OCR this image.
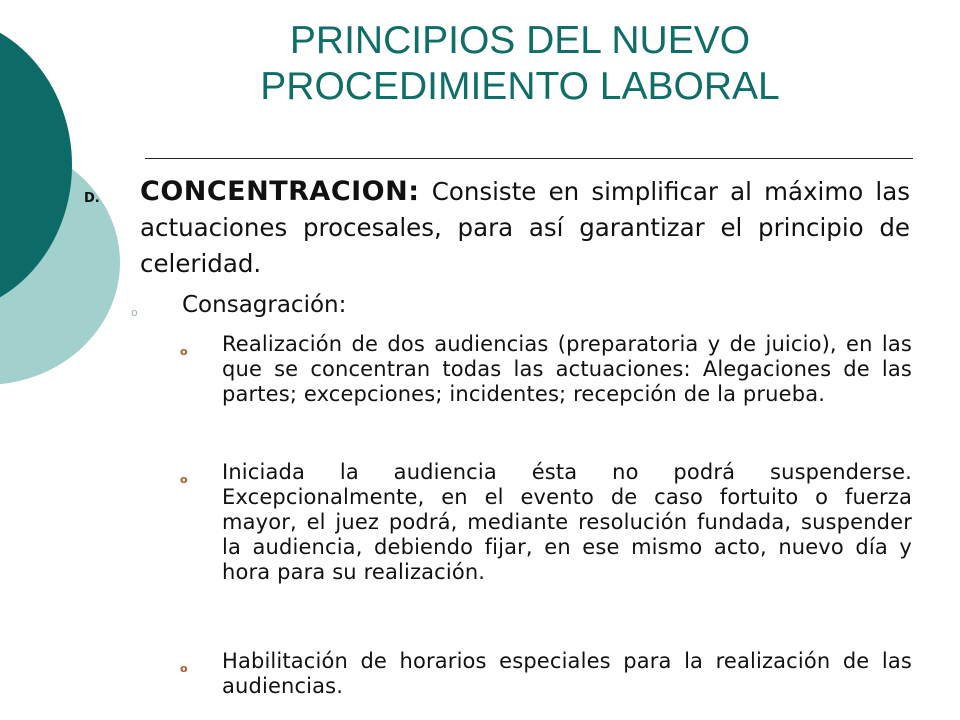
PRINCIPIOS DEL NUEVO
PROCEDIMIENTO LABORAL
D. CONCENTRACION: Consiste en simplificar al máximo las actuaciones procesales, para así garantizar el principio de celeridad.

o Consagración:

o Realización de dos audiencias (preparatoria y de juicio), en las que se concentran todas las actuaciones: Alegaciones de las partes; excepciones; incidentes; recepción de la prueba.

o Iniciada la audiencia ésta no podrá suspenderse. Excepcionalmente, en el evento de caso fortuito o fuerza mayor, el juez podrá, mediante resolución fundada, suspender la audiencia, debiendo fijar, en ese mismo acto, nuevo día y hora para su realización.

o Habilitación de horarios especiales para la realización de las audiencias.
